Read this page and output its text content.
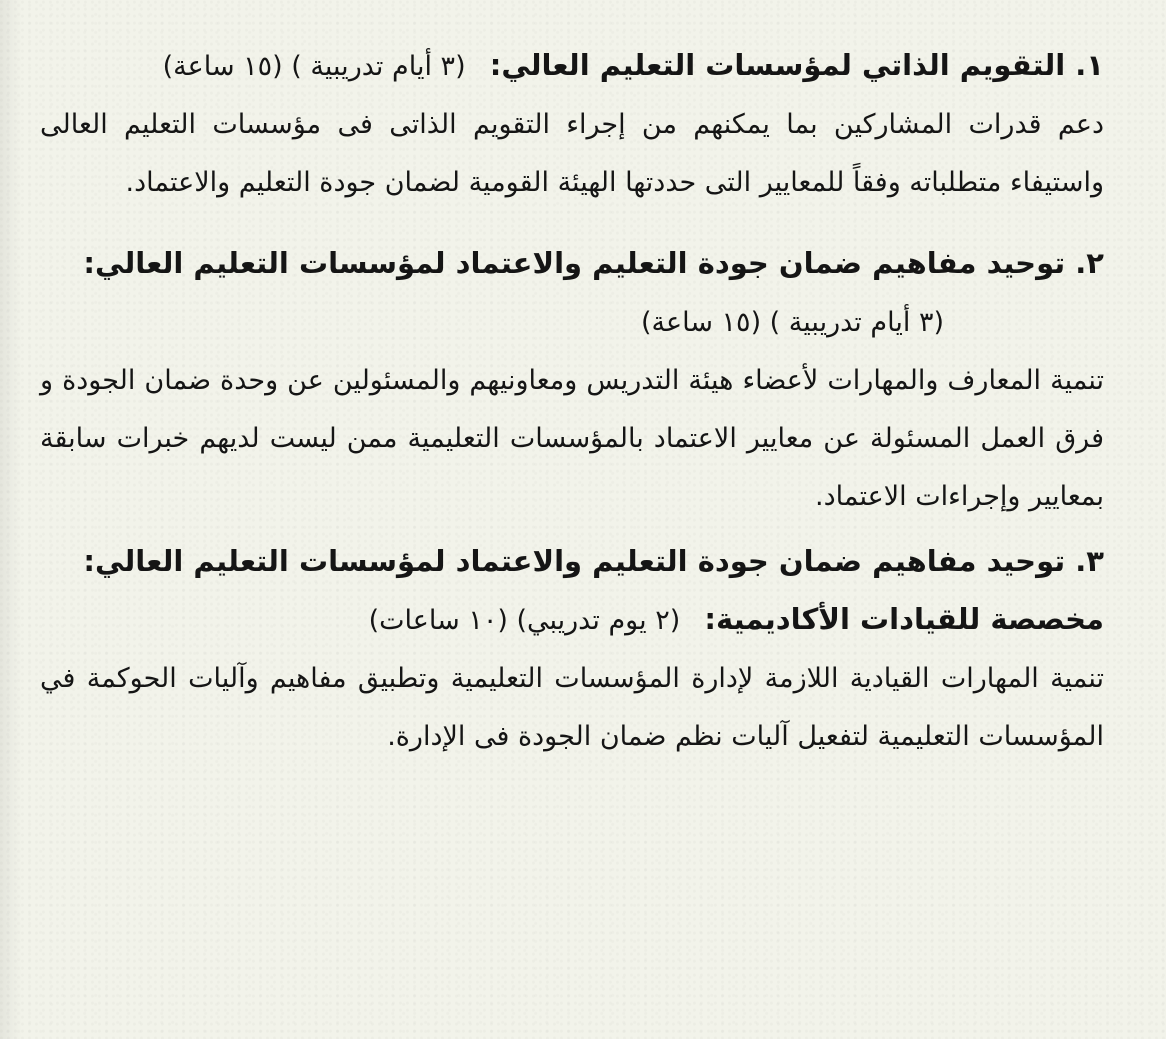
١. التقويم الذاتي لمؤسسات التعليم العالي: (٣ أيام تدريبية ) (١٥ ساعة)

دعم قدرات المشاركين بما يمكنهم من إجراء التقويم الذاتى فى مؤسسات التعليم العالى واستيفاء متطلباته وفقاً للمعايير التى حددتها الهيئة القومية لضمان جودة التعليم والاعتماد.

٢. توحيد مفاهيم ضمان جودة التعليم والاعتماد لمؤسسات التعليم العالي: (٣ أيام تدريبية ) (١٥ ساعة)

تنمية المعارف والمهارات لأعضاء هيئة التدريس ومعاونيهم والمسئولين عن وحدة ضمان الجودة و فرق العمل المسئولة عن معايير الاعتماد بالمؤسسات التعليمية ممن ليست لديهم خبرات سابقة بمعايير وإجراءات الاعتماد.

٣. توحيد مفاهيم ضمان جودة التعليم والاعتماد لمؤسسات التعليم العالي: مخصصة للقيادات الأكاديمية: (٢ يوم تدريبي) (١٠ ساعات)

تنمية المهارات القيادية اللازمة لإدارة المؤسسات التعليمية وتطبيق مفاهيم وآليات الحوكمة في المؤسسات التعليمية لتفعيل آليات نظم ضمان الجودة فى الإدارة.
